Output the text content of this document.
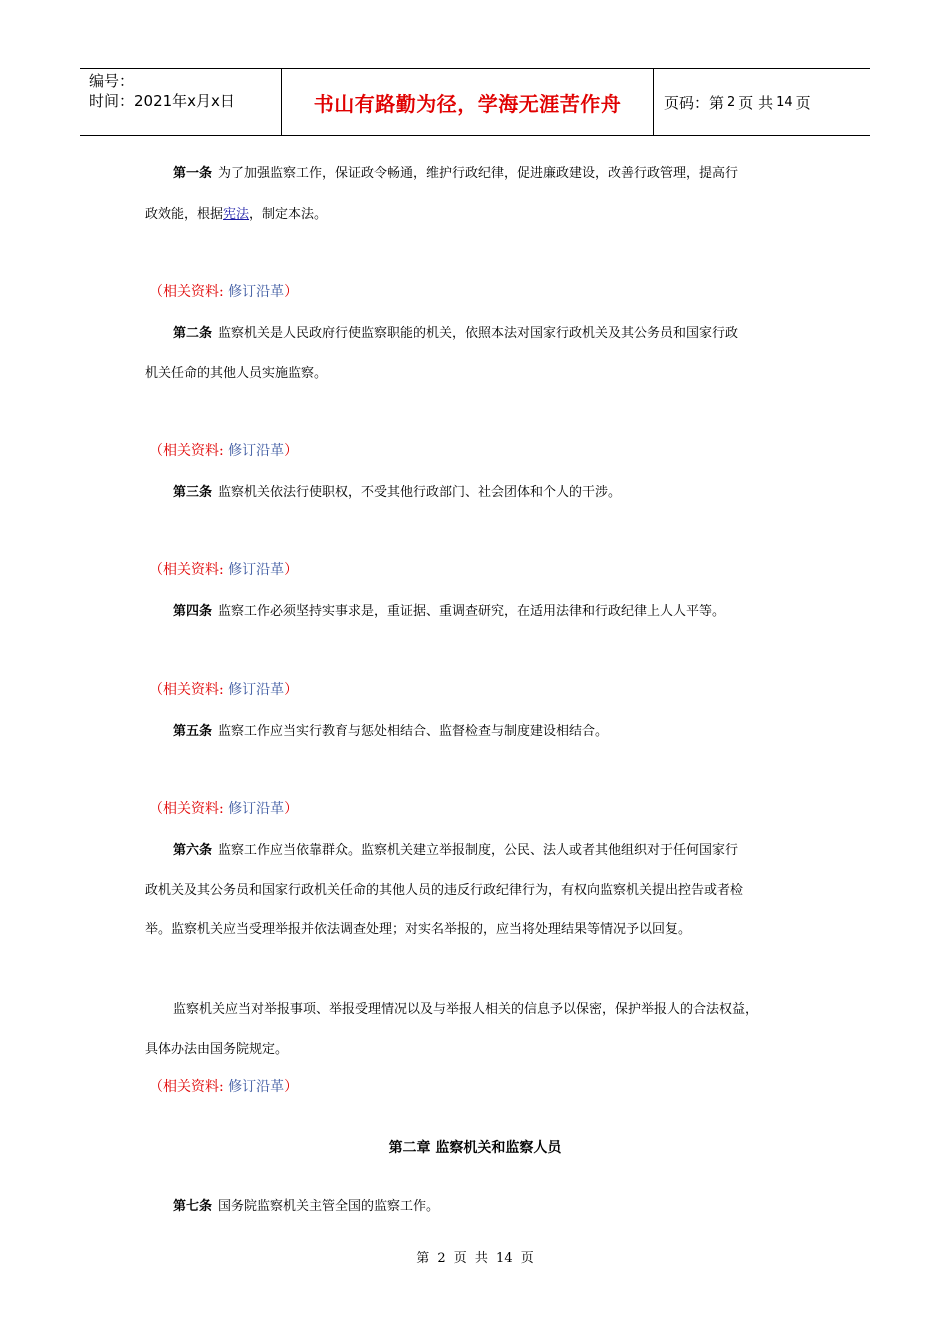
编号：
时间：2021年x月x日	书山有路勤为径，学海无涯苦作舟	页码：第 2 页 共 14 页
第一条 为了加强监察工作，保证政令畅通，维护行政纪律，促进廉政建设，改善行政管理，提高行
政效能，根据宪法，制定本法。
（相关资料: 修订沿革）
第二条 监察机关是人民政府行使监察职能的机关，依照本法对国家行政机关及其公务员和国家行政
机关任命的其他人员实施监察。
（相关资料: 修订沿革）
第三条 监察机关依法行使职权，不受其他行政部门、社会团体和个人的干涉。
（相关资料: 修订沿革）
第四条 监察工作必须坚持实事求是，重证据、重调查研究，在适用法律和行政纪律上人人平等。
（相关资料: 修订沿革）
第五条 监察工作应当实行教育与惩处相结合、监督检查与制度建设相结合。
（相关资料: 修订沿革）
第六条 监察工作应当依靠群众。监察机关建立举报制度，公民、法人或者其他组织对于任何国家行
政机关及其公务员和国家行政机关任命的其他人员的违反行政纪律行为，有权向监察机关提出控告或者检
举。监察机关应当受理举报并依法调查处理；对实名举报的，应当将处理结果等情况予以回复。
监察机关应当对举报事项、举报受理情况以及与举报人相关的信息予以保密，保护举报人的合法权益，
具体办法由国务院规定。
（相关资料: 修订沿革）
第二章 监察机关和监察人员
第七条 国务院监察机关主管全国的监察工作。
第 2 页 共 14 页
